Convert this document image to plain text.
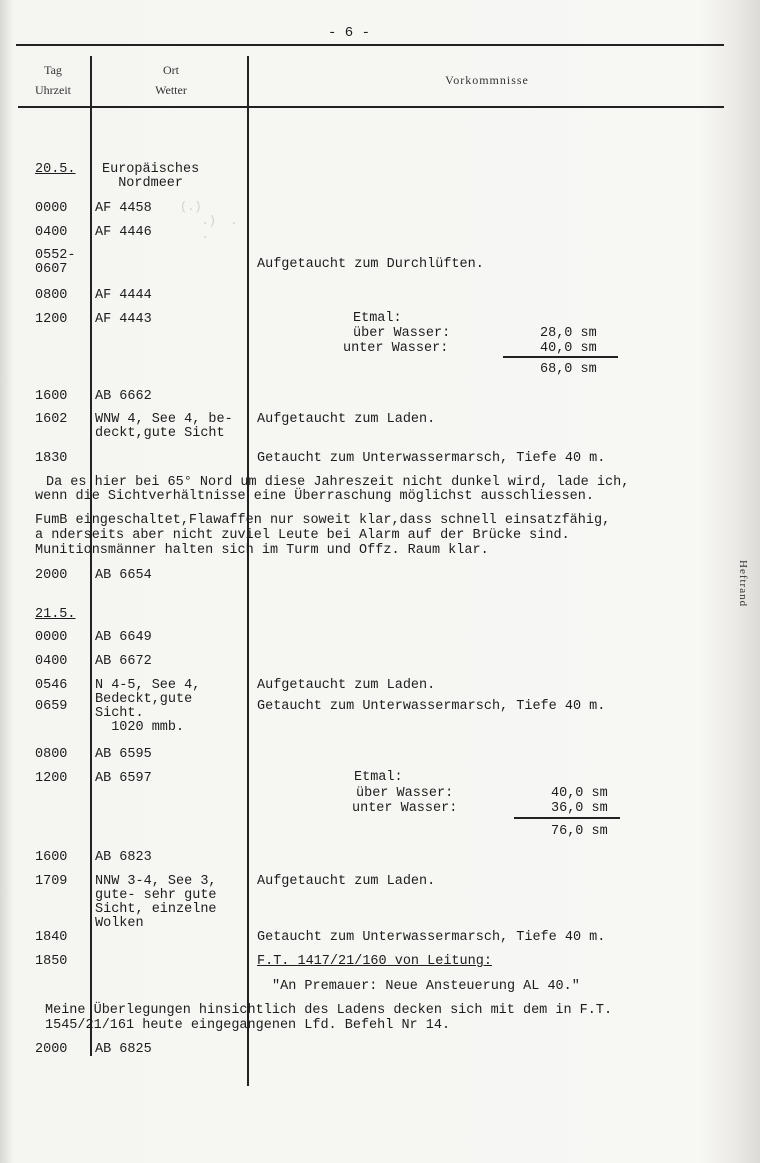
- 6 -
Tag
Uhrzeit
Ort
Wetter
Vorkommnisse
(.)
.)  .
.
Heftrand
20.5.
0000
0400
0552-
0607
0800
1200
1600
1602
1830
2000
21.5.
0000
0400
0546
0659
0800
1200
1600
1709
1840
1850
2000
Europäisches
Nordmeer
AF 4458
AF 4446
AF 4444
AF 4443
AB 6662
WNW 4, See 4, be-
deckt,gute Sicht
AB 6654
AB 6649
AB 6672
N 4-5, See 4,
Bedeckt,gute
Sicht.
1020 mmb.
AB 6595
AB 6597
AB 6823
NNW 3-4, See 3,
gute- sehr gute
Sicht, einzelne
Wolken
AB 6825
Aufgetaucht zum Durchlüften.
Aufgetaucht zum Laden.
Getaucht zum Unterwassermarsch, Tiefe 40 m.
Aufgetaucht zum Laden.
Getaucht zum Unterwassermarsch, Tiefe 40 m.
Aufgetaucht zum Laden.
Getaucht zum Unterwassermarsch, Tiefe 40 m.
F.T. 1417/21/160 von Leitung:
"An Premauer: Neue Ansteuerung AL 40."
Etmal:
über Wasser:
unter Wasser:
28,0 sm
40,0 sm
68,0 sm
Etmal:
über Wasser:
unter Wasser:
40,0 sm
36,0 sm
76,0 sm
Da es hier bei 65° Nord um diese Jahreszeit nicht dunkel wird, lade ich,
wenn die Sichtverhältnisse eine Überraschung möglichst ausschliessen.
FumB eingeschaltet,Flawaffen nur soweit klar,dass schnell einsatzfähig,
a nderseits aber nicht zuviel Leute bei Alarm auf der Brücke sind.
Munitionsmänner halten sich im Turm und Offz. Raum klar.
Meine Überlegungen hinsichtlich des Ladens decken sich mit dem in F.T.
1545/21/161 heute eingegangenen Lfd. Befehl Nr 14.
